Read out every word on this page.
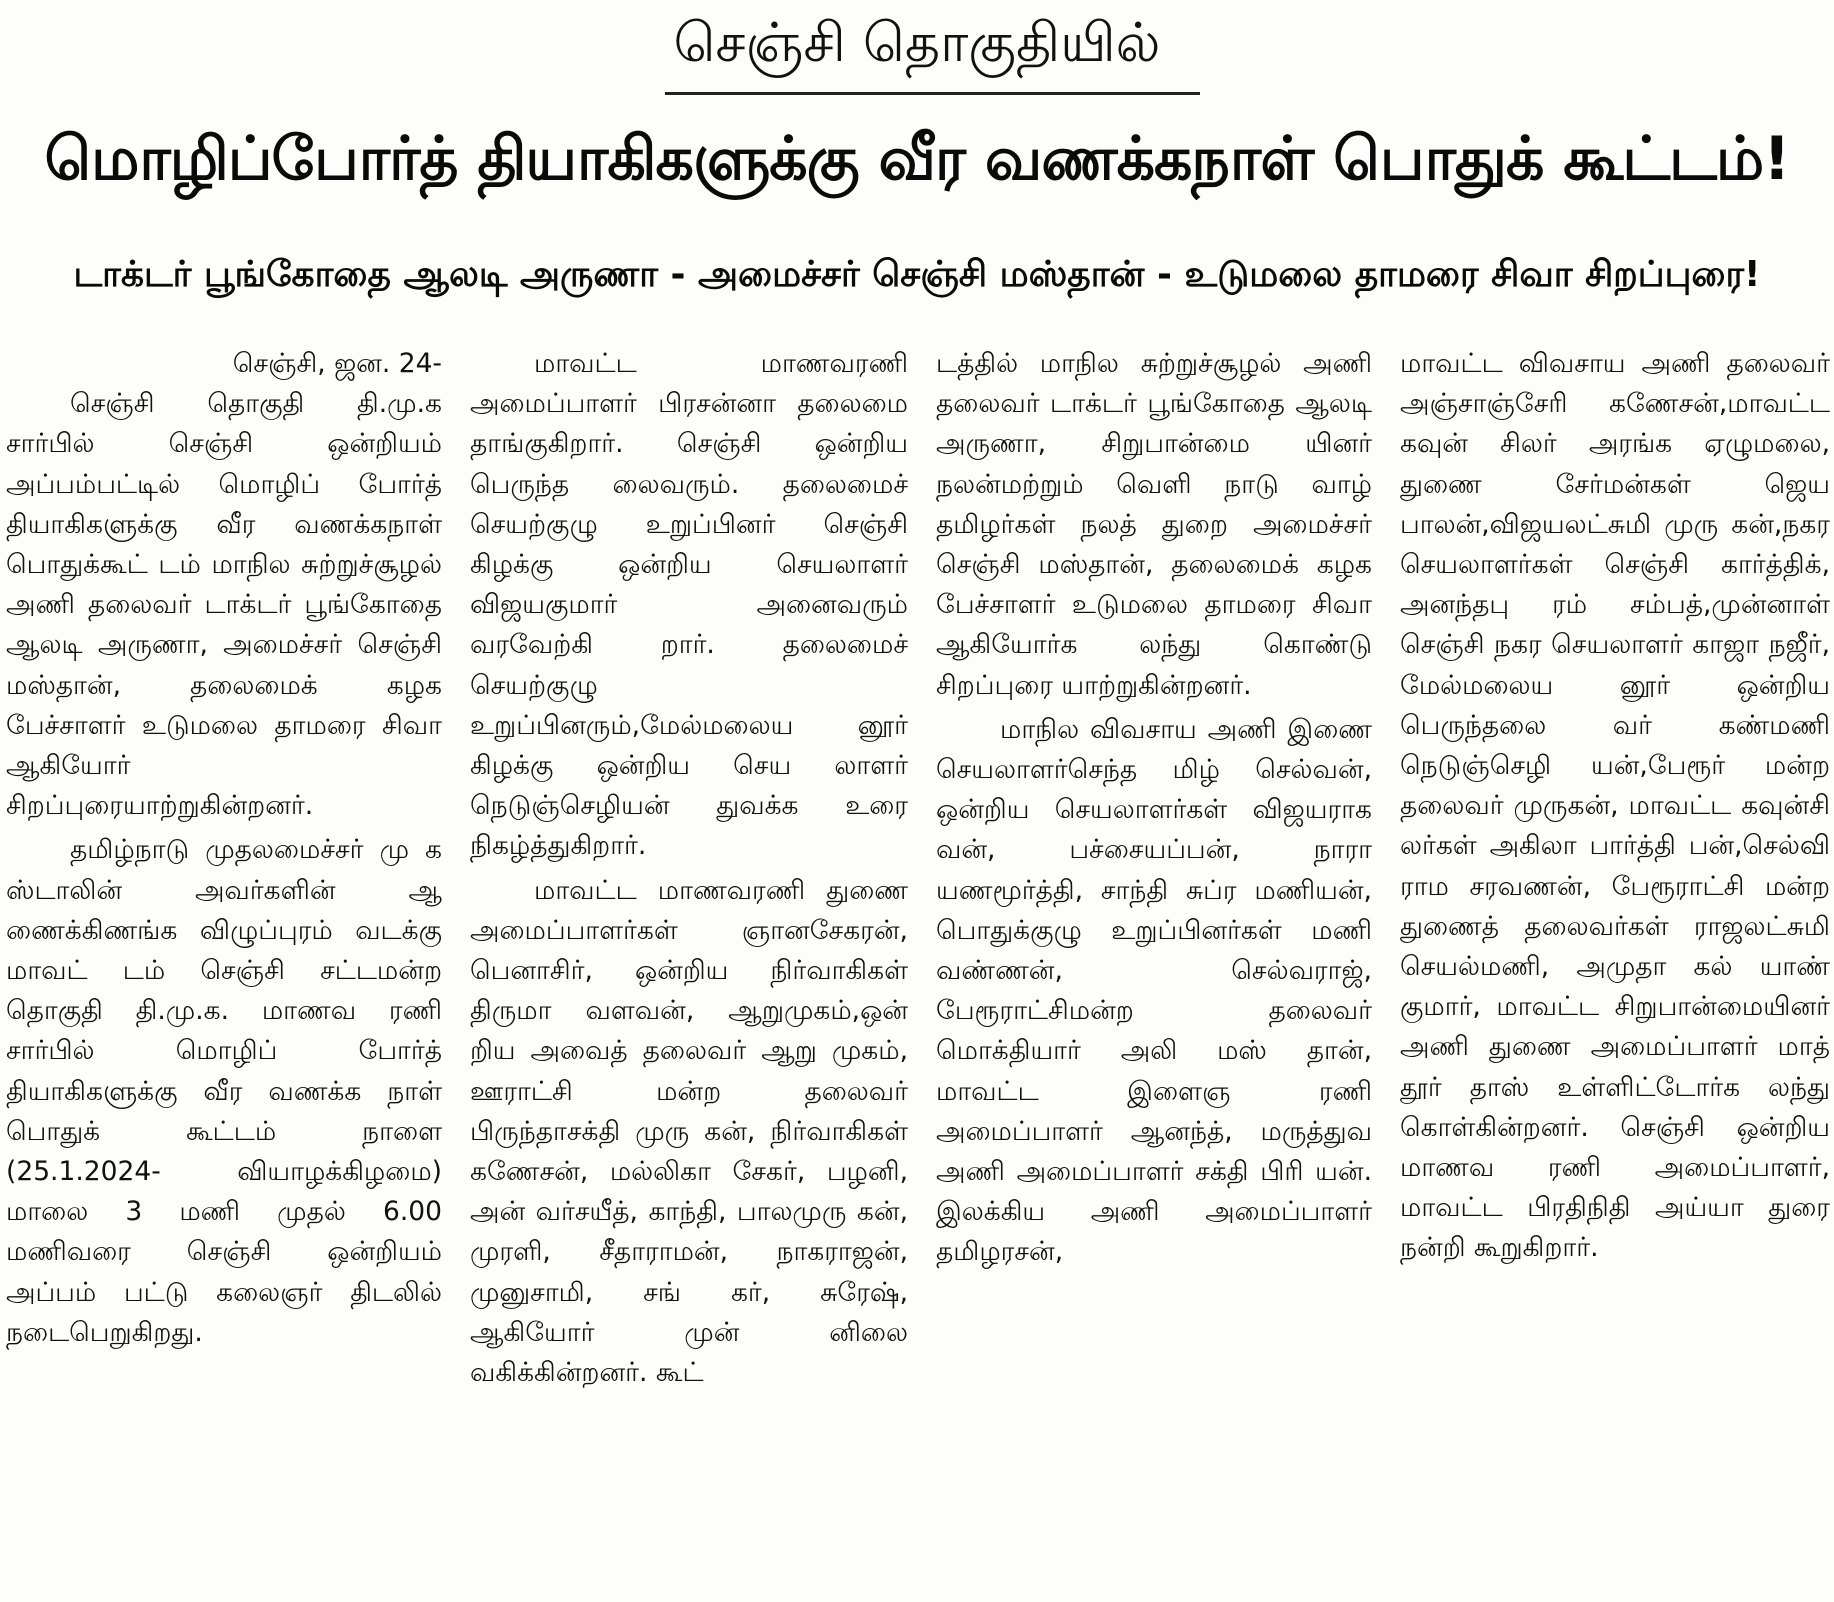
செஞ்சி தொகுதியில்
மொழிப்போர்த் தியாகிகளுக்கு வீர வணக்கநாள் பொதுக் கூட்டம்!
டாக்டர் பூங்கோதை ஆலடி அருணா - அமைச்சர் செஞ்சி மஸ்தான் - உடுமலை தாமரை சிவா சிறப்புரை!
செஞ்சி, ஜன. 24-

செஞ்சி தொகுதி தி.மு.க சார்பில் செஞ்சி ஒன்றியம் அப்பம்பட்டில் மொழிப் போர்த் தியாகிகளுக்கு வீர வணக்கநாள் பொதுக்கூட் டம் மாநில சுற்றுச்சூழல் அணி தலைவர் டாக்டர் பூங்கோதை ஆலடி அருணா, அமைச்சர் செஞ்சி மஸ்தான், தலைமைக் கழக பேச்சாளர் உடுமலை தாமரை சிவா ஆகியோர் சிறப்புரையாற்றுகின்றனர்.

தமிழ்நாடு முதலமைச்சர் மு க ஸ்டாலின் அவர்களின் ஆ ணைக்கிணங்க விழுப்புரம் வடக்கு மாவட் டம் செஞ்சி சட்டமன்ற தொகுதி தி.மு.க. மாணவ ரணி சார்பில் மொழிப் போர்த் தியாகிகளுக்கு வீர வணக்க நாள் பொதுக் கூட்டம் நாளை (25.1.2024- வியாழக்கிழமை) மாலை 3 மணி முதல் 6.00 மணிவரை செஞ்சி ஒன்றியம் அப்பம் பட்டு கலைஞர் திடலில் நடைபெறுகிறது.

மாவட்ட மாணவரணி அமைப்பாளர் பிரசன்னா தலைமை தாங்குகிறார். செஞ்சி ஒன்றிய பெருந்த லைவரும். தலைமைச் செயற்குழு உறுப்பினர் செஞ்சி கிழக்கு ஒன்றிய செயலாளர் விஜயகுமார் அனைவரும் வரவேற்கி றார். தலைமைச் செயற்குழு உறுப்பினரும்,மேல்மலைய னூர் கிழக்கு ஒன்றிய செய லாளர் நெடுஞ்செழியன் துவக்க உரை நிகழ்த்துகிறார்.

மாவட்ட மாணவரணி துணை அமைப்பாளர்கள் ஞானசேகரன், பெனாசிர், ஒன்றிய நிர்வாகிகள் திருமா வளவன், ஆறுமுகம்,ஒன் றிய அவைத் தலைவர் ஆறு முகம், ஊராட்சி மன்ற தலைவர் பிருந்தாசக்தி முரு கன், நிர்வாகிகள் கணேசன், மல்லிகா சேகர், பழனி, அன் வர்சயீத், காந்தி, பாலமுரு கன், முரளி, சீதாராமன், நாகராஜன், முனுசாமி, சங் கர், சுரேஷ், ஆகியோர் முன் னிலை வகிக்கின்றனர். கூட்

டத்தில் மாநில சுற்றுச்சூழல் அணி தலைவர் டாக்டர் பூங்கோதை ஆலடி அருணா, சிறுபான்மை யினர் நலன்மற்றும் வெளி நாடு வாழ் தமிழர்கள் நலத் துறை அமைச்சர் செஞ்சி மஸ்தான், தலைமைக் கழக பேச்சாளர் உடுமலை தாமரை சிவா ஆகியோர்க லந்து கொண்டு சிறப்புரை யாற்றுகின்றனர்.

மாநில விவசாய அணி இணை செயலாளர்செந்த மிழ் செல்வன், ஒன்றிய செயலாளர்கள் விஜயராக வன், பச்சையப்பன், நாரா யணமூர்த்தி, சாந்தி சுப்ர மணியன், பொதுக்குழு உறுப்பினர்கள் மணி வண்ணன், செல்வராஜ், பேரூராட்சிமன்ற தலைவர் மொக்தியார் அலி மஸ் தான், மாவட்ட இளைஞ ரணி அமைப்பாளர் ஆனந்த், மருத்துவ அணி அமைப்பாளர் சக்தி பிரி யன். இலக்கிய அணி அமைப்பாளர் தமிழரசன்,

மாவட்ட விவசாய அணி தலைவர் அஞ்சாஞ்சேரி கணேசன்,மாவட்ட கவுன் சிலர் அரங்க ஏழுமலை, துணை சேர்மன்கள் ஜெய பாலன்,விஜயலட்சுமி முரு கன்,நகர செயலாளர்கள் செஞ்சி கார்த்திக், அனந்தபு ரம் சம்பத்,முன்னாள் செஞ்சி நகர செயலாளர் காஜா நஜீர், மேல்மலைய னூர் ஒன்றிய பெருந்தலை வர் கண்மணி நெடுஞ்செழி யன்,பேரூர் மன்ற தலைவர் முருகன், மாவட்ட கவுன்சி லர்கள் அகிலா பார்த்தி பன்,செல்வி ராம சரவணன், பேரூராட்சி மன்ற துணைத் தலைவர்கள் ராஜலட்சுமி செயல்மணி, அமுதா கல் யாண் குமார், மாவட்ட சிறுபான்மையினர் அணி துணை அமைப்பாளர் மாத் தூர் தாஸ் உள்ளிட்டோர்க லந்து கொள்கின்றனர். செஞ்சி ஒன்றிய மாணவ ரணி அமைப்பாளர், மாவட்ட பிரதிநிதி அய்யா துரை நன்றி கூறுகிறார்.
